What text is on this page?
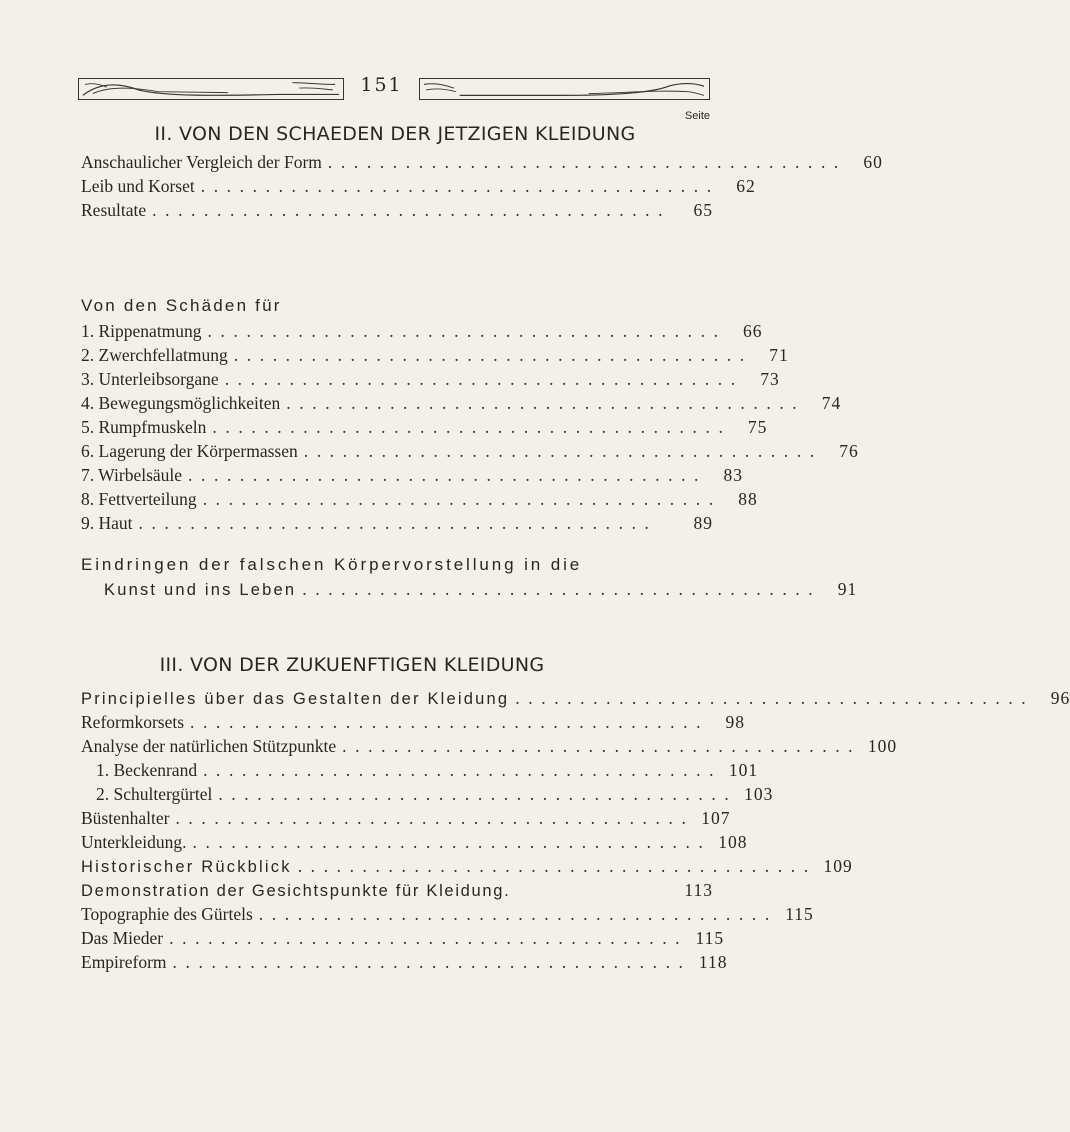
151
Seite
II. VON DEN SCHAEDEN DER JETZIGEN KLEIDUNG
Anschaulicher Vergleich der Form ........................................ 60
Leib und Korset ........................................ 62
Resultate ........................................	65
Von den Schäden für
1. Rippenatmung ........................................ 66
2. Zwerchfellatmung ........................................ 71
3. Unterleibsorgane ........................................ 73
4. Bewegungsmöglichkeiten ........................................ 74
5. Rumpfmuskeln ........................................ 75
6. Lagerung der Körpermassen ........................................ 76
7. Wirbelsäule ........................................ 83
8. Fettverteilung ........................................ 88
9. Haut ........................................	89
Eindringen der falschen Körpervorstellung in die
Kunst und ins Leben ........................................ 91
III. VON DER ZUKUENFTIGEN KLEIDUNG
Principielles über das Gestalten der Kleidung ........................................ 96
Reformkorsets ........................................ 98
Analyse der natürlichen Stützpunkte ........................................ 100
1. Beckenrand ........................................ 101
2. Schultergürtel ........................................ 103
Büstenhalter ........................................ 107
Unterkleidung. ........................................ 108
Historischer Rückblick ........................................ 109
Demonstration der Gesichtspunkte für Kleidung.	113
Topographie des Gürtels ........................................ 115
Das Mieder ........................................ 115
Empireform ........................................ 118
